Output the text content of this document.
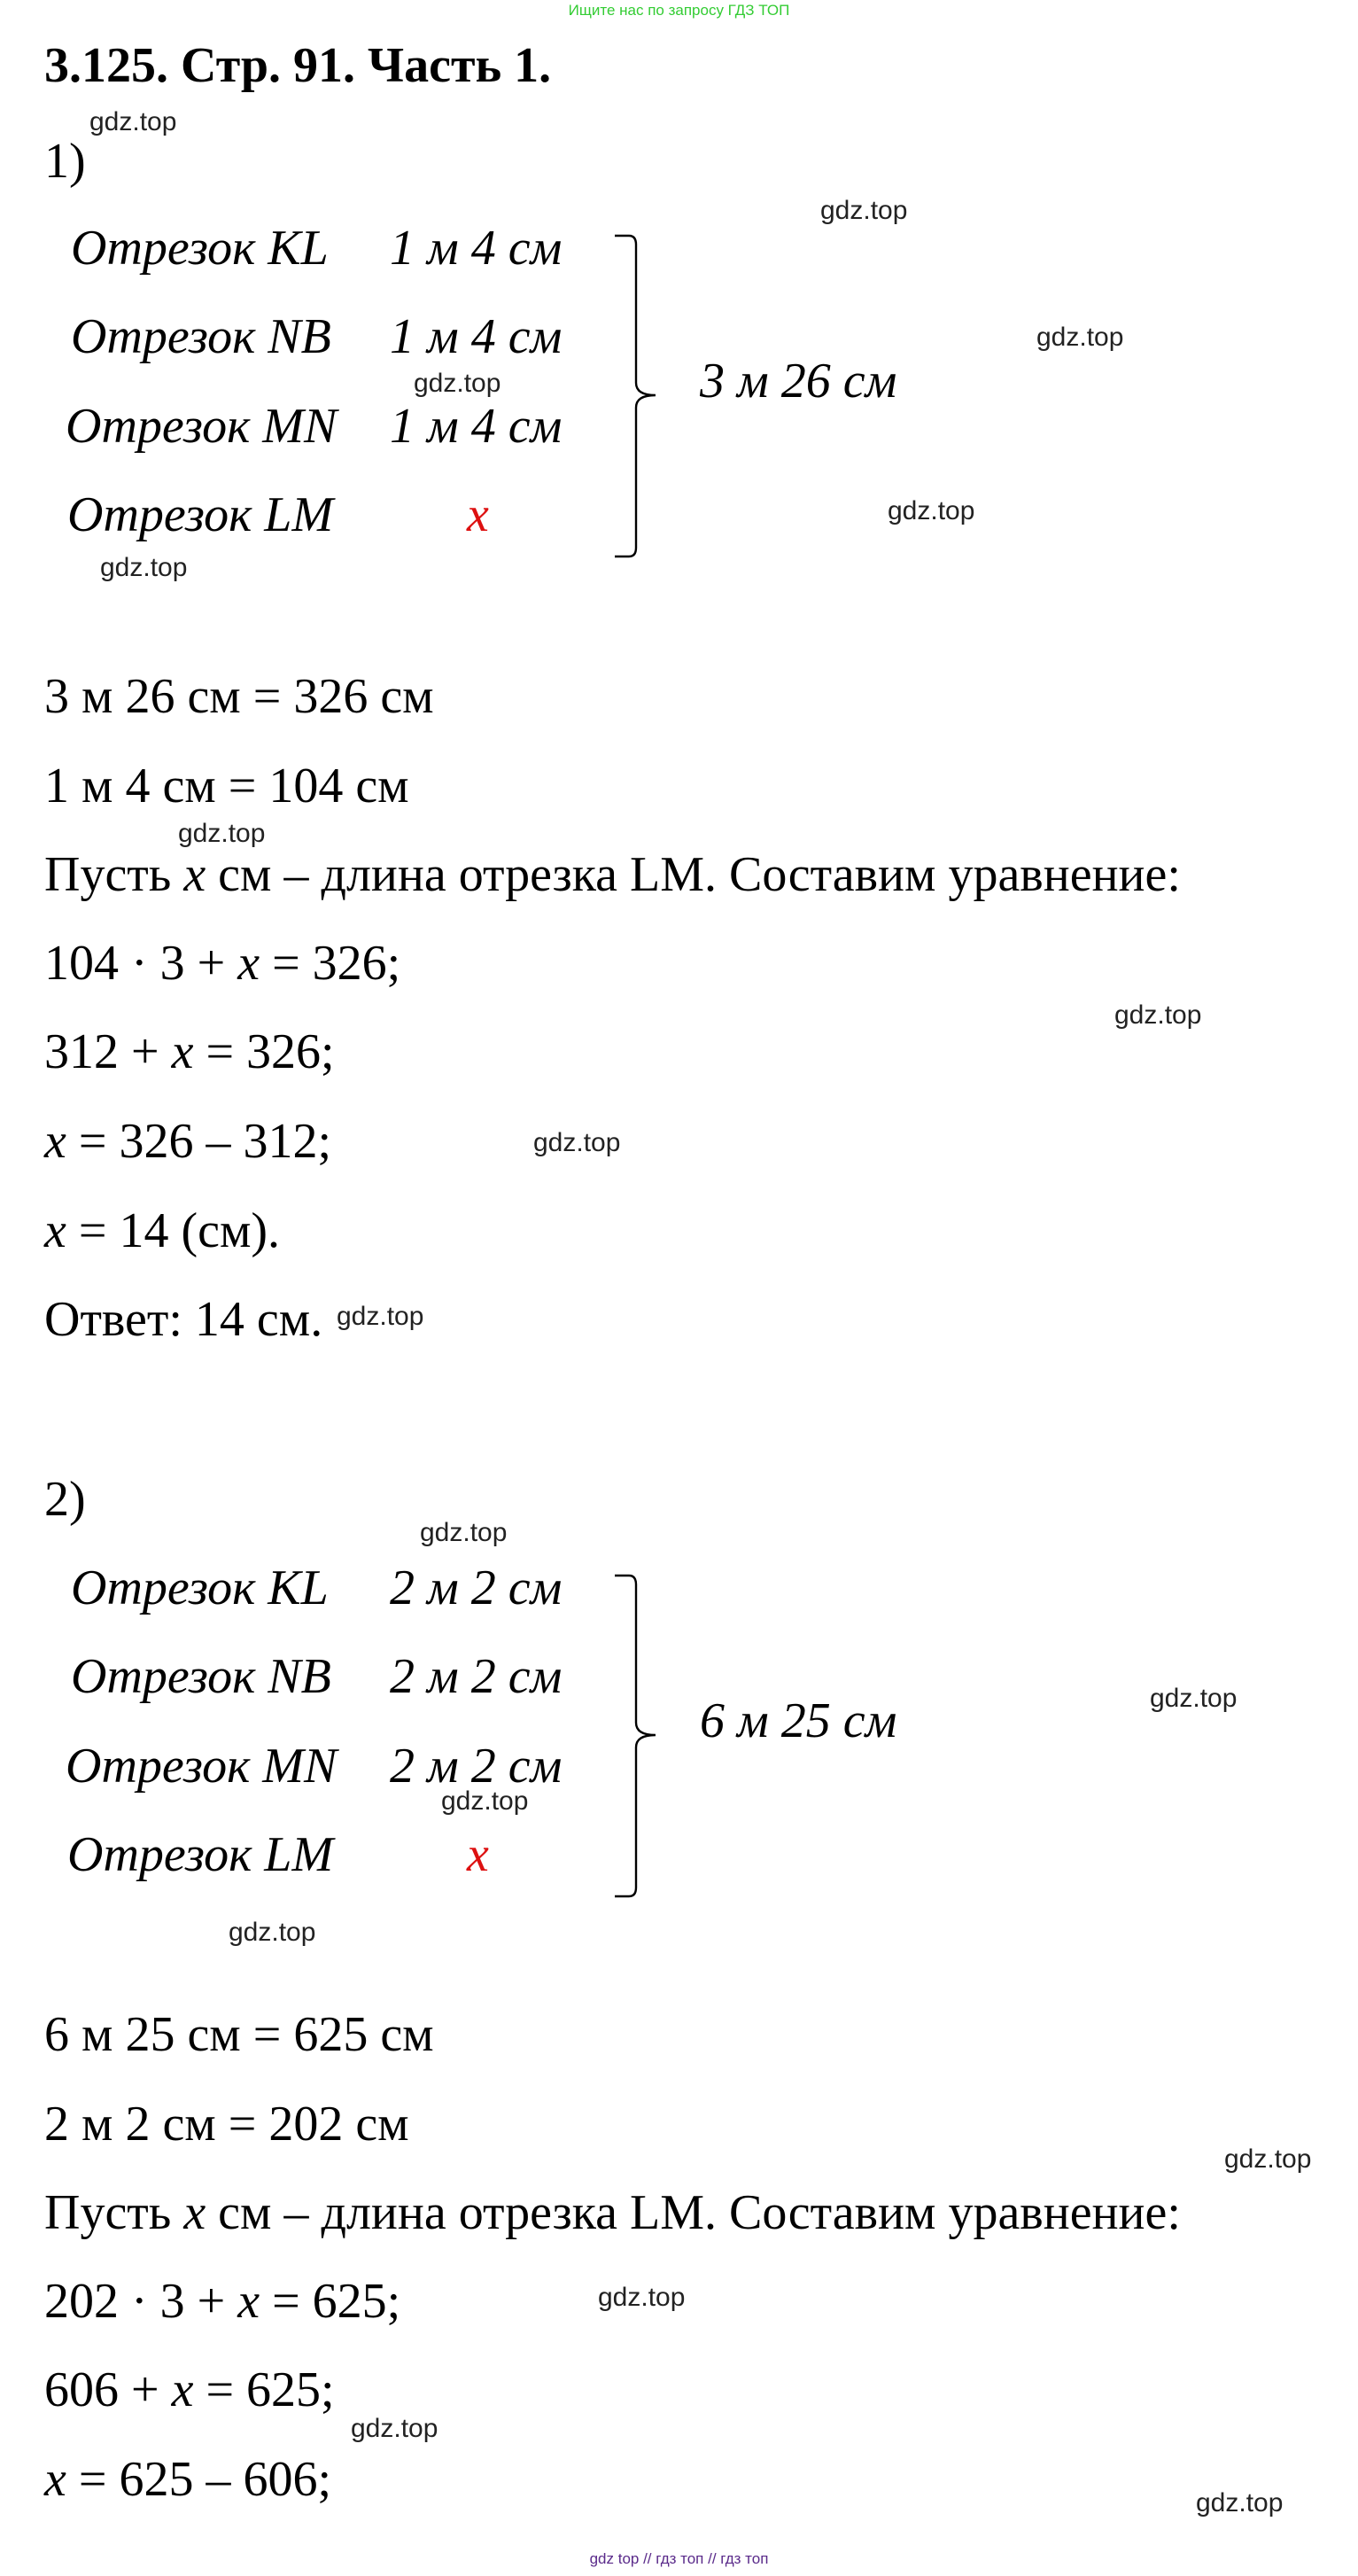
Ищите нас по запросу ГДЗ ТОП
3.125. Стр. 91. Часть 1.
1)
Отрезок KL 1 м 4 см
Отрезок NB 1 м 4 см
Отрезок MN 1 м 4 см
Отрезок LM	x
3 м 26 см
3 м 26 см = 326 см
1 м 4 см = 104 см
Пусть x см – длина отрезка LM. Составим уравнение:
104 · 3 + x = 326;
312 + x = 326;
x = 326 – 312;
x = 14 (см).
Ответ: 14 см.
2)
Отрезок KL 2 м 2 см
Отрезок NB 2 м 2 см
Отрезок MN 2 м 2 см
Отрезок LM	x
6 м 25 см
6 м 25 см = 625 см
2 м 2 см = 202 см
Пусть x см – длина отрезка LM. Составим уравнение:
202 · 3 + x = 625;
606 + x = 625;
x = 625 – 606;
gdz.top
gdz.top
gdz.top
gdz.top
gdz.top
gdz.top
gdz.top
gdz.top
gdz.top
gdz.top
gdz.top
gdz.top
gdz.top
gdz.top
gdz.top
gdz.top
gdz.top
gdz.top
gdz top // гдз топ // гдз топ
